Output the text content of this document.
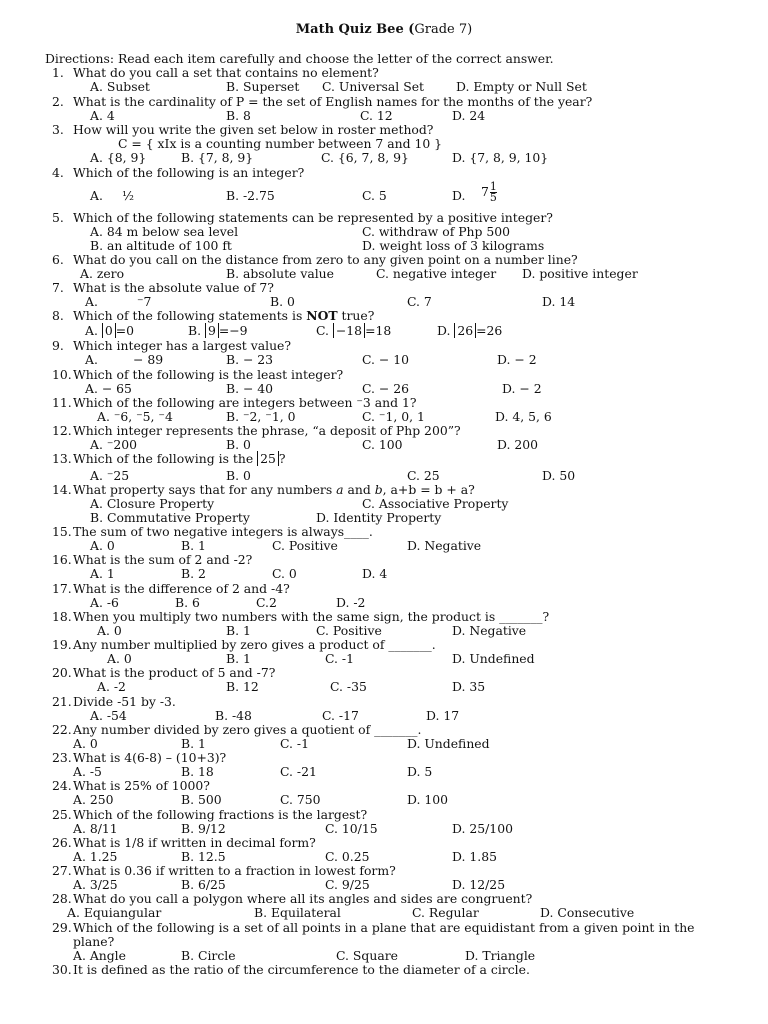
Math Quiz Bee (Grade 7)
Directions: Read each item carefully and choose the letter of the correct answer.
1. What do you call a set that contains no element?
A. Subset	B. Superset C. Universal Set	D. Empty or Null Set
2. What is the cardinality of P = the set of English names for the months of the year?
A. 4	B. 8	C. 12	D. 24
3. How will you write the given set below in roster method?
C = { xIx is a counting number between 7 and 10 }
A. {8, 9}	B. {7, 8, 9}	C. {6, 7, 8, 9}	D. {7, 8, 9, 10}
4. Which of the following is an integer?
5. Which of the following statements can be represented by a positive integer?
6. What do you call on the distance from zero to any given point on a number line?
A. zero	B. absolute value	C. negative integer D. positive integer
7. What is the absolute value of 7?
8. Which of the following statements is NOT true?
9. Which integer has a largest value?
10. Which of the following is the least integer?
A. − 65	B. − 40	C. − 26	D. − 2
11. Which of the following are integers between ⁻3 and 1?
A. ⁻6, ⁻5, ⁻4	B. ⁻2, ⁻1, 0	C. ⁻1, 0, 1	D. 4, 5, 6
12. Which integer represents the phrase, “a deposit of Php 200”?
A. ⁻200	B. 0	C. 100	D. 200
13. Which of the following is the 25 ?
14. What property says that for any numbers a and b, a+b = b + a?
15. The sum of two negative integers is always____.
A. 0	B. 1	C. Positive	D. Negative
16. What is the sum of 2 and -2?
A. 1	B. 2	C. 0	D. 4
17. What is the difference of 2 and -4?
A. -6	B. 6	C.2	D. -2
18. When you multiply two numbers with the same sign, the product is _______?
A. 0	B. 1	C. Positive	D. Negative
19. Any number multiplied by zero gives a product of _______.
A. 0	B. 1	C. -1	D. Undefined
20. What is the product of 5 and -7?
A. -2	B. 12	C. -35	D. 35
21. Divide -51 by -3.
A. -54	B. -48	C. -17	D. 17
22. Any number divided by zero gives a quotient of _______.
A. 0	B. 1	C. -1	D. Undefined
23. What is 4(6-8) – (10+3)?
A. -5	B. 18	C. -21	D. 5
24. What is 25% of 1000?
A. 250	B. 500	C. 750	D. 100
25. Which of the following fractions is the largest?
A. 8/11	B. 9/12	C. 10/15	D. 25/100
26. What is 1/8 if written in decimal form?
A. 1.25	B. 12.5	C. 0.25	D. 1.85
27. What is 0.36 if written to a fraction in lowest form?
A. 3/25	B. 6/25	C. 9/25	D. 12/25
28. What do you call a polygon where all its angles and sides are congruent?
A. Equiangular	B. Equilateral	C. Regular	D. Consecutive
29. Which of the following is a set of all points in a plane that are equidistant from a given point in the
plane?
A. Angle	B. Circle	C. Square	D. Triangle
30. It is defined as the ratio of the circumference to the diameter of a circle.
A. ½	B. -2.75	C. 5	D. $7 \frac{1}{5}$
A. 84 m below sea level	C. withdraw of Php 500
B. an altitude of 100 ft	D. weight loss of 3 kilograms
A.	⁻7	B. 0	C. 7	D. 14
A. 0 =0	B. 9 =−9	C. −18 =18	D. 26 =26
A.	− 89	B. − 23	C. − 10	D. − 2
A. ⁻25	B. 0	C. 25	D. 50
A. Closure Property	C. Associative Property
B. Commutative Property	D. Identity Property
